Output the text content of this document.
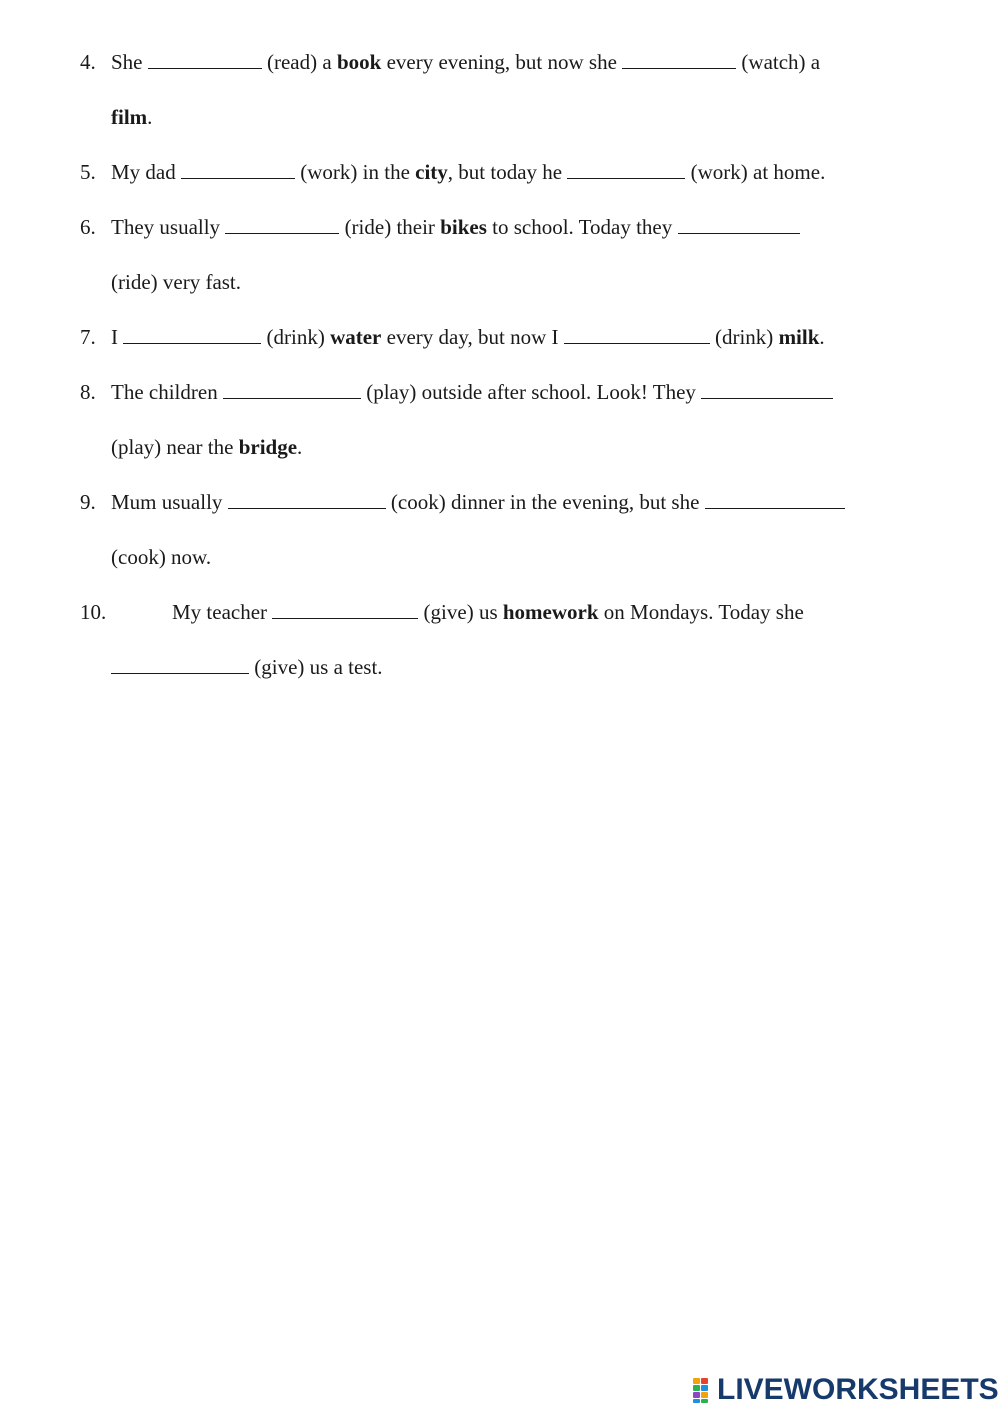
4. She	(read) a book every evening, but now she	(watch) a
film.
5. My dad	(work) in the city, but today he	(work) at home.
6. They usually	(ride) their bikes to school. Today they
(ride) very fast.
7. I	(drink) water every day, but now I	(drink) milk.
8. The children	(play) outside after school. Look! They
(play) near the bridge.
9. Mum usually	(cook) dinner in the evening, but she
(cook) now.
10.	My teacher	(give) us homework on Mondays. Today she
(give) us a test.
LIVEWORKSHEETS
